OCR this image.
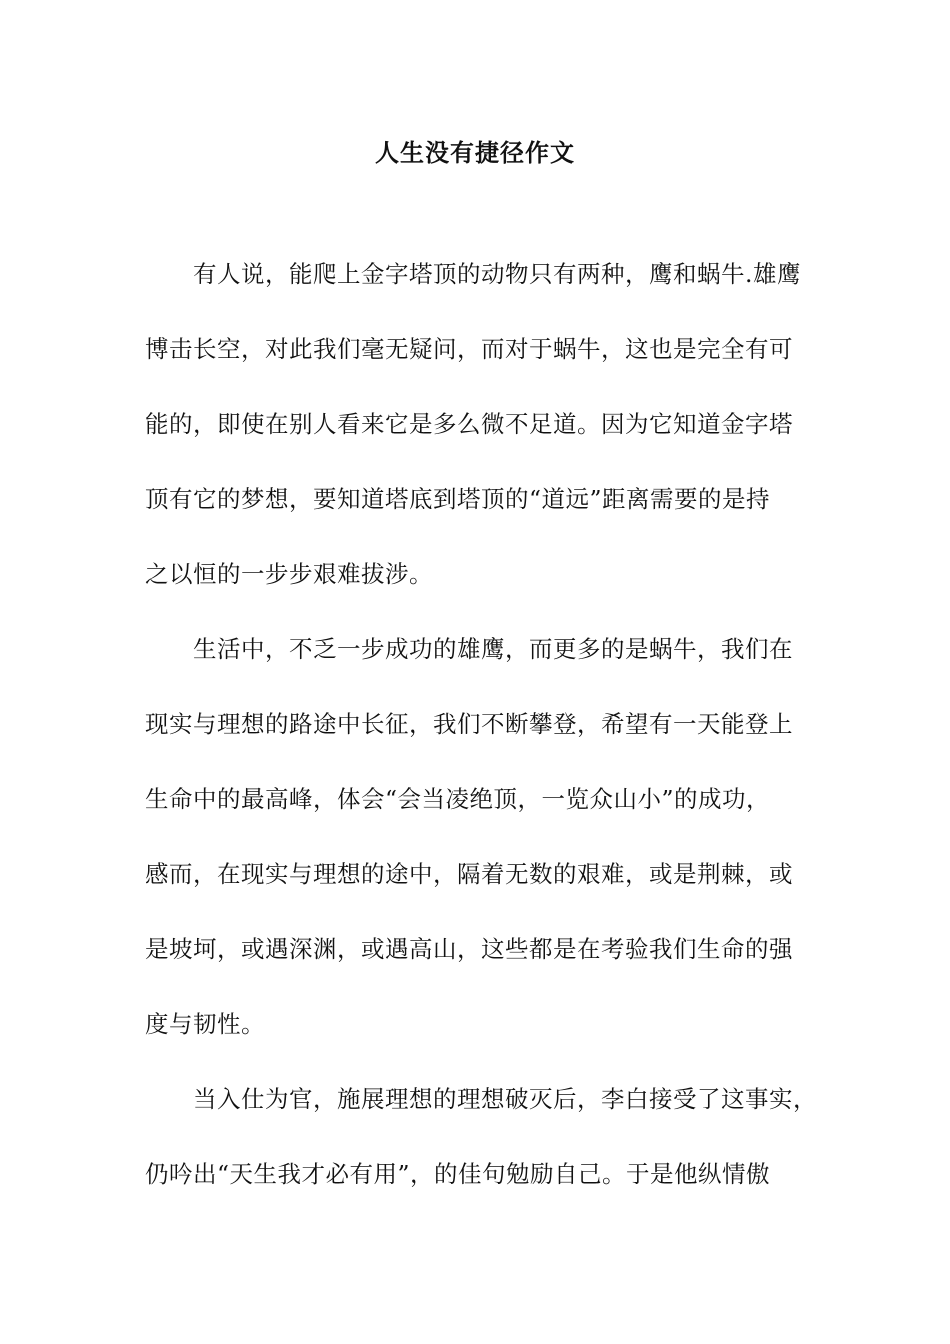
人生没有捷径作文
有人说，能爬上金字塔顶的动物只有两种，鹰和蜗牛.雄鹰
博击长空，对此我们毫无疑问，而对于蜗牛，这也是完全有可
能的，即使在别人看来它是多么微不足道。因为它知道金字塔
顶有它的梦想，要知道塔底到塔顶的“道远”距离需要的是持
之以恒的一步步艰难拔涉。
生活中，不乏一步成功的雄鹰，而更多的是蜗牛，我们在
现实与理想的路途中长征，我们不断攀登，希望有一天能登上
生命中的最高峰，体会“会当凌绝顶，一览众山小”的成功，
感而，在现实与理想的途中，隔着无数的艰难，或是荆棘，或
是坡坷，或遇深渊，或遇高山，这些都是在考验我们生命的强
度与韧性。
当入仕为官，施展理想的理想破灭后，李白接受了这事实，
仍吟出“天生我才必有用”，的佳句勉励自己。于是他纵情傲
